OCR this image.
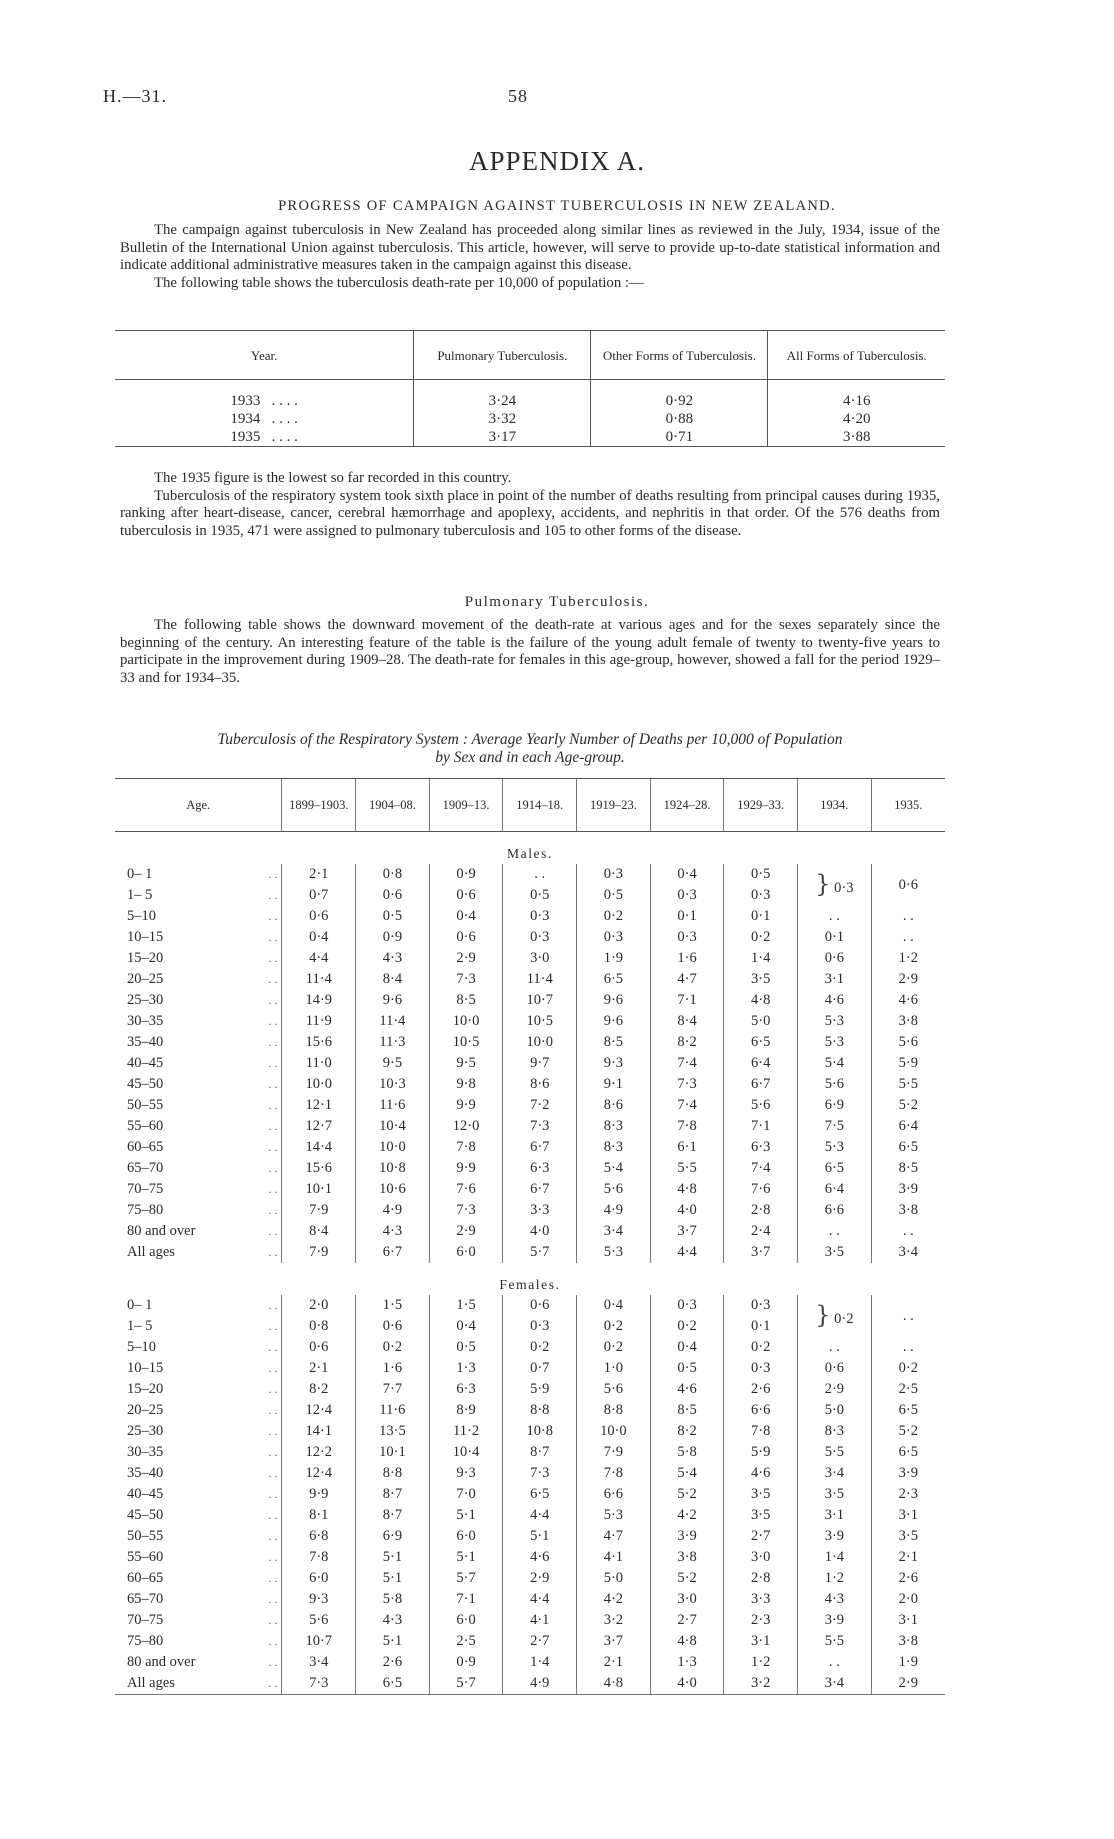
H.—31.	58
APPENDIX A.
PROGRESS OF CAMPAIGN AGAINST TUBERCULOSIS IN NEW ZEALAND.

The campaign against tuberculosis in New Zealand has proceeded along similar lines as reviewed in the July, 1934, issue of the Bulletin of the International Union against tuberculosis. This article, however, will serve to provide up-to-date statistical information and indicate additional administrative measures taken in the campaign against this disease.

The following table shows the tuberculosis death-rate per 10,000 of population :—

Year.	Pulmonary Tuberculosis.	Other Forms of Tuberculosis.	All Forms of Tuberculosis.
1933 . . . .	3·24	0·92	4·16
1934 . . . .	3·32	0·88	4·20
1935 . . . .	3·17	0·71	3·88

The 1935 figure is the lowest so far recorded in this country.

Tuberculosis of the respiratory system took sixth place in point of the number of deaths resulting from principal causes during 1935, ranking after heart-disease, cancer, cerebral hæmorrhage and apoplexy, accidents, and nephritis in that order. Of the 576 deaths from tuberculosis in 1935, 471 were assigned to pulmonary tuberculosis and 105 to other forms of the disease.

Pulmonary Tuberculosis.

The following table shows the downward movement of the death-rate at various ages and for the sexes separately since the beginning of the century. An interesting feature of the table is the failure of the young adult female of twenty to twenty-five years to participate in the improvement during 1909–28. The death-rate for females in this age-group, however, showed a fall for the period 1929–33 and for 1934–35.

Tuberculosis of the Respiratory System : Average Yearly Number of Deaths per 10,000 of Population
by Sex and in each Age-group.
Age.		1899–1903.	1904–08.	1909–13.	1914–18.	1919–23.	1924–28.	1929–33.	1934.	1935.
Males.										
0– 1	. .	2·1	0·8	0·9	. .	0·3	0·4	0·5	} 0·3	0·6
1– 5	. .	0·7	0·6	0·6	0·5	0·5	0·3	0·3		
5–10	. .	0·6	0·5	0·4	0·3	0·2	0·1	0·1	. .	. .
10–15	. .	0·4	0·9	0·6	0·3	0·3	0·3	0·2	0·1	. .
15–20	. .	4·4	4·3	2·9	3·0	1·9	1·6	1·4	0·6	1·2
20–25	. .	11·4	8·4	7·3	11·4	6·5	4·7	3·5	3·1	2·9
25–30	. .	14·9	9·6	8·5	10·7	9·6	7·1	4·8	4·6	4·6
30–35	. .	11·9	11·4	10·0	10·5	9·6	8·4	5·0	5·3	3·8
35–40	. .	15·6	11·3	10·5	10·0	8·5	8·2	6·5	5·3	5·6
40–45	. .	11·0	9·5	9·5	9·7	9·3	7·4	6·4	5·4	5·9
45–50	. .	10·0	10·3	9·8	8·6	9·1	7·3	6·7	5·6	5·5
50–55	. .	12·1	11·6	9·9	7·2	8·6	7·4	5·6	6·9	5·2
55–60	. .	12·7	10·4	12·0	7·3	8·3	7·8	7·1	7·5	6·4
60–65	. .	14·4	10·0	7·8	6·7	8·3	6·1	6·3	5·3	6·5
65–70	. .	15·6	10·8	9·9	6·3	5·4	5·5	7·4	6·5	8·5
70–75	. .	10·1	10·6	7·6	6·7	5·6	4·8	7·6	6·4	3·9
75–80	. .	7·9	4·9	7·3	3·3	4·9	4·0	2·8	6·6	3·8
80 and over	. .	8·4	4·3	2·9	4·0	3·4	3·7	2·4	. .	. .
All ages	. .	7·9	6·7	6·0	5·7	5·3	4·4	3·7	3·5	3·4
Females.										
0– 1	. .	2·0	1·5	1·5	0·6	0·4	0·3	0·3	} 0·2	. .
1– 5	. .	0·8	0·6	0·4	0·3	0·2	0·2	0·1		
5–10	. .	0·6	0·2	0·5	0·2	0·2	0·4	0·2	. .	. .
10–15	. .	2·1	1·6	1·3	0·7	1·0	0·5	0·3	0·6	0·2
15–20	. .	8·2	7·7	6·3	5·9	5·6	4·6	2·6	2·9	2·5
20–25	. .	12·4	11·6	8·9	8·8	8·8	8·5	6·6	5·0	6·5
25–30	. .	14·1	13·5	11·2	10·8	10·0	8·2	7·8	8·3	5·2
30–35	. .	12·2	10·1	10·4	8·7	7·9	5·8	5·9	5·5	6·5
35–40	. .	12·4	8·8	9·3	7·3	7·8	5·4	4·6	3·4	3·9
40–45	. .	9·9	8·7	7·0	6·5	6·6	5·2	3·5	3·5	2·3
45–50	. .	8·1	8·7	5·1	4·4	5·3	4·2	3·5	3·1	3·1
50–55	. .	6·8	6·9	6·0	5·1	4·7	3·9	2·7	3·9	3·5
55–60	. .	7·8	5·1	5·1	4·6	4·1	3·8	3·0	1·4	2·1
60–65	. .	6·0	5·1	5·7	2·9	5·0	5·2	2·8	1·2	2·6
65–70	. .	9·3	5·8	7·1	4·4	4·2	3·0	3·3	4·3	2·0
70–75	. .	5·6	4·3	6·0	4·1	3·2	2·7	2·3	3·9	3·1
75–80	. .	10·7	5·1	2·5	2·7	3·7	4·8	3·1	5·5	3·8
80 and over	. .	3·4	2·6	0·9	1·4	2·1	1·3	1·2	. .	1·9
All ages	. .	7·3	6·5	5·7	4·9	4·8	4·0	3·2	3·4	2·9
